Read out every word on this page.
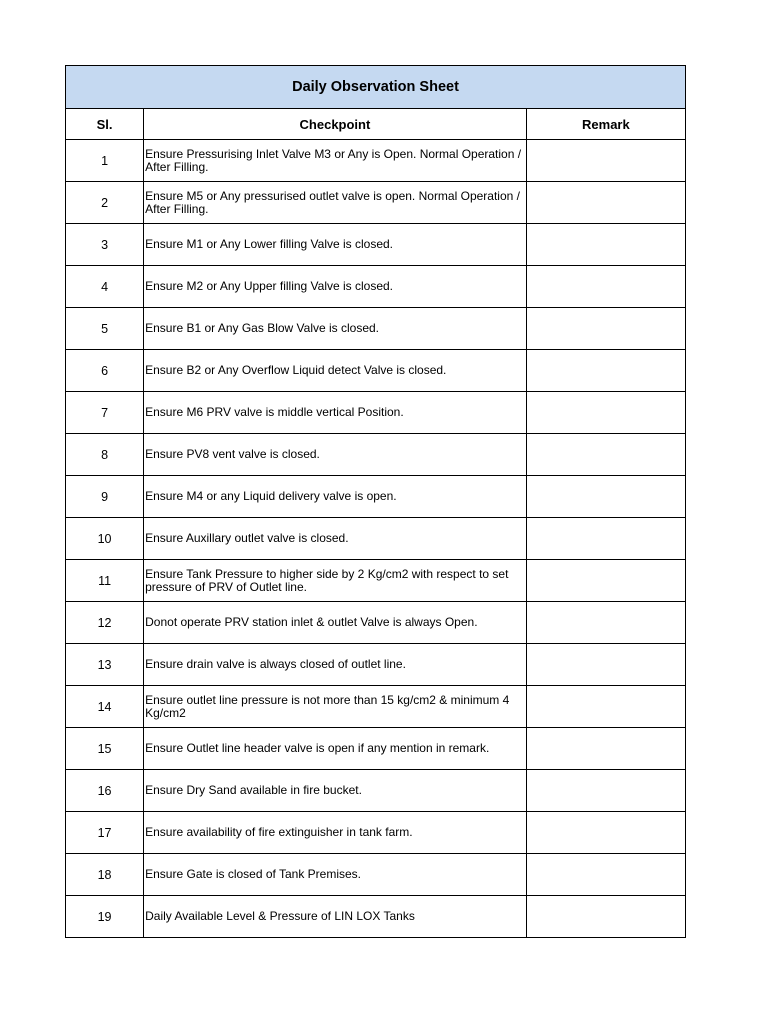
Daily Observation Sheet		
Sl.	Checkpoint	Remark
1	Ensure Pressurising Inlet Valve M3 or Any is Open. Normal Operation / After Filling.	
2	Ensure M5 or Any pressurised outlet valve is open. Normal Operation / After Filling.	
3	Ensure M1 or Any Lower filling Valve is closed.	
4	Ensure M2 or Any Upper filling Valve is closed.	
5	Ensure B1 or Any Gas Blow Valve is closed.	
6	Ensure B2 or Any Overflow Liquid detect Valve is closed.	
7	Ensure M6 PRV valve is middle vertical Position.	
8	Ensure PV8 vent valve is closed.	
9	Ensure M4 or any Liquid delivery valve is open.	
10	Ensure Auxillary outlet valve is closed.	
11	Ensure Tank Pressure to higher side by 2 Kg/cm2 with respect to set pressure of PRV of Outlet line.	
12	Donot operate PRV station inlet & outlet Valve is always Open.	
13	Ensure drain valve is always closed of outlet line.	
14	Ensure outlet line pressure is not more than 15 kg/cm2 & minimum 4 Kg/cm2	
15	Ensure Outlet line header valve is open if any mention in remark.	
16	Ensure Dry Sand available in fire bucket.	
17	Ensure availability of fire extinguisher in tank farm.	
18	Ensure Gate is closed of Tank Premises.	
19	Daily Available Level & Pressure of LIN LOX Tanks	
